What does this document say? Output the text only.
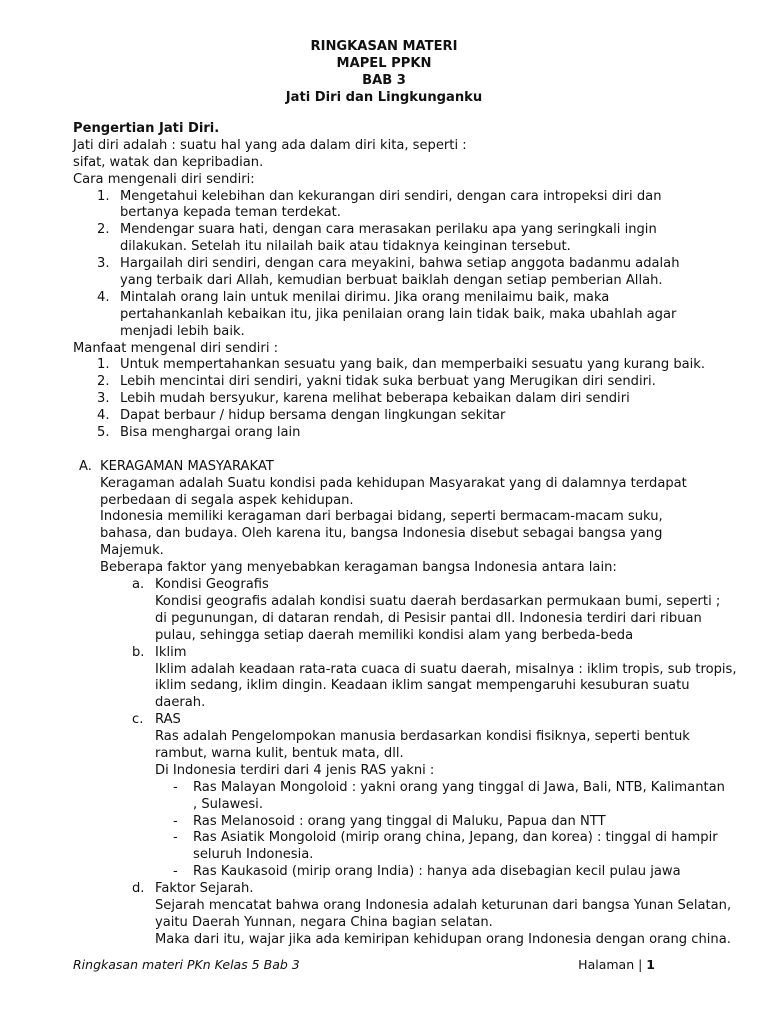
RINGKASAN MATERI
MAPEL PPKN
BAB 3
Jati Diri dan Lingkunganku
Pengertian Jati Diri.
Jati diri adalah : suatu hal yang ada dalam diri kita, seperti :
sifat, watak dan kepribadian.
Cara mengenali diri sendiri:
1. Mengetahui kelebihan dan kekurangan diri sendiri, dengan cara intropeksi diri dan
bertanya kepada teman terdekat.
2. Mendengar suara hati, dengan cara merasakan perilaku apa yang seringkali ingin
dilakukan. Setelah itu nilailah baik atau tidaknya keinginan tersebut.
3. Hargailah diri sendiri, dengan cara meyakini, bahwa setiap anggota badanmu adalah
yang terbaik dari Allah, kemudian berbuat baiklah dengan setiap pemberian Allah.
4. Mintalah orang lain untuk menilai dirimu. Jika orang menilaimu baik, maka
pertahankanlah kebaikan itu, jika penilaian orang lain tidak baik, maka ubahlah agar
menjadi lebih baik.
Manfaat mengenal diri sendiri :
1. Untuk mempertahankan sesuatu yang baik, dan memperbaiki sesuatu yang kurang baik.
2. Lebih mencintai diri sendiri, yakni tidak suka berbuat yang Merugikan diri sendiri.
3. Lebih mudah bersyukur, karena melihat beberapa kebaikan dalam diri sendiri
4. Dapat berbaur / hidup bersama dengan lingkungan sekitar
5. Bisa menghargai orang lain
A. KERAGAMAN MASYARAKAT
Keragaman adalah Suatu kondisi pada kehidupan Masyarakat yang di dalamnya terdapat
perbedaan di segala aspek kehidupan.
Indonesia memiliki keragaman dari berbagai bidang, seperti bermacam-macam suku,
bahasa, dan budaya. Oleh karena itu, bangsa Indonesia disebut sebagai bangsa yang
Majemuk.
Beberapa faktor yang menyebabkan keragaman bangsa Indonesia antara lain:
a. Kondisi Geografis
Kondisi geografis adalah kondisi suatu daerah berdasarkan permukaan bumi, seperti ;
di pegunungan, di dataran rendah, di Pesisir pantai dll. Indonesia terdiri dari ribuan
pulau, sehingga setiap daerah memiliki kondisi alam yang berbeda-beda
b. Iklim
Iklim adalah keadaan rata-rata cuaca di suatu daerah, misalnya : iklim tropis, sub tropis,
iklim sedang, iklim dingin. Keadaan iklim sangat mempengaruhi kesuburan suatu
daerah.
c. RAS
Ras adalah Pengelompokan manusia berdasarkan kondisi fisiknya, seperti bentuk
rambut, warna kulit, bentuk mata, dll.
Di Indonesia terdiri dari 4 jenis RAS yakni :
- Ras Malayan Mongoloid : yakni orang yang tinggal di Jawa, Bali, NTB, Kalimantan
, Sulawesi.
- Ras Melanosoid : orang yang tinggal di Maluku, Papua dan NTT
- Ras Asiatik Mongoloid (mirip orang china, Jepang, dan korea) : tinggal di hampir
seluruh Indonesia.
- Ras Kaukasoid (mirip orang India) : hanya ada disebagian kecil pulau jawa
d. Faktor Sejarah.
Sejarah mencatat bahwa orang Indonesia adalah keturunan dari bangsa Yunan Selatan,
yaitu Daerah Yunnan, negara China bagian selatan.
Maka dari itu, wajar jika ada kemiripan kehidupan orang Indonesia dengan orang china.
Ringkasan materi PKn Kelas 5 Bab 3	Halaman | 1
